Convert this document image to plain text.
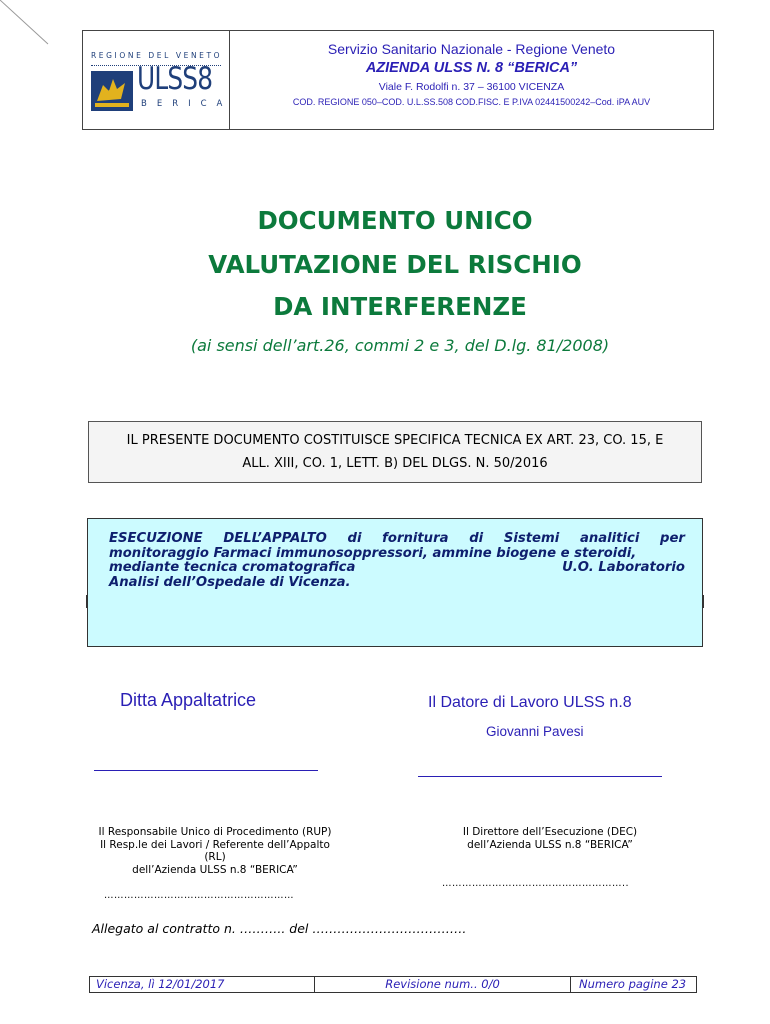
REGIONE DEL VENETO
ULSS8
BERICA
Servizio Sanitario Nazionale - Regione Veneto
AZIENDA ULSS N. 8 “BERICA”
Viale F. Rodolfi n. 37 – 36100 VICENZA
COD. REGIONE 050–COD. U.L.SS.508 COD.FISC. E P.IVA 02441500242–Cod. iPA AUV
DOCUMENTO UNICO
VALUTAZIONE DEL RISCHIO
DA INTERFERENZE
(ai sensi dell’art.26, commi 2 e 3, del D.lg. 81/2008)
IL PRESENTE DOCUMENTO COSTITUISCE SPECIFICA TECNICA EX ART. 23, CO. 15, E
ALL. XIII, CO. 1, LETT. B) DEL DLGS. N. 50/2016
ESECUZIONE DELL’APPALTO di fornitura di Sistemi analitici per
monitoraggio Farmaci immunosoppressori, ammine biogene e steroidi,
mediante tecnica cromatografica	U.O. Laboratorio
Analisi dell’Ospedale di Vicenza.
Ditta Appaltatrice	Il Datore di Lavoro ULSS n.8
Giovanni Pavesi
Il Responsabile Unico di Procedimento (RUP)
Il Resp.le dei Lavori / Referente dell’Appalto
(RL)
dell’Azienda ULSS n.8 “BERICA”
…………………………………………………
Il Direttore dell’Esecuzione (DEC)
dell’Azienda ULSS n.8 “BERICA”
………………………………………………..
Allegato al contratto n. ……….. del ……………………………….
Vicenza, lì 12/01/2017	Revisione num.. 0/0	Numero pagine 23
